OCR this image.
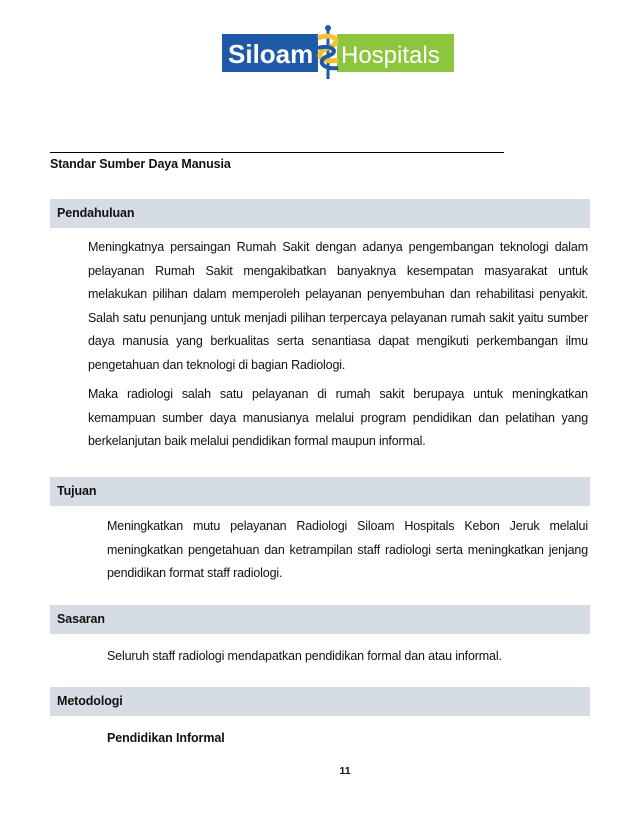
Siloam Hospitals
Standar Sumber Daya Manusia
Pendahuluan

Meningkatnya persaingan Rumah Sakit dengan adanya pengembangan teknologi dalam pelayanan Rumah Sakit mengakibatkan banyaknya kesempatan masyarakat untuk melakukan pilihan dalam memperoleh pelayanan penyembuhan dan rehabilitasi penyakit. Salah satu penunjang untuk menjadi pilihan terpercaya pelayanan rumah sakit yaitu sumber daya manusia yang berkualitas serta senantiasa dapat mengikuti perkembangan ilmu pengetahuan dan teknologi di bagian Radiologi.

Maka radiologi salah satu pelayanan di rumah sakit berupaya untuk meningkatkan kemampuan sumber daya manusianya melalui program pendidikan dan pelatihan yang berkelanjutan baik melalui pendidikan formal maupun informal.

Tujuan

Meningkatkan mutu pelayanan Radiologi Siloam Hospitals Kebon Jeruk melalui meningkatkan pengetahuan dan ketrampilan staff radiologi serta meningkatkan jenjang pendidikan format staff radiologi.

Sasaran

Seluruh staff radiologi mendapatkan pendidikan formal dan atau informal.

Metodologi
Pendidikan Informal
11
